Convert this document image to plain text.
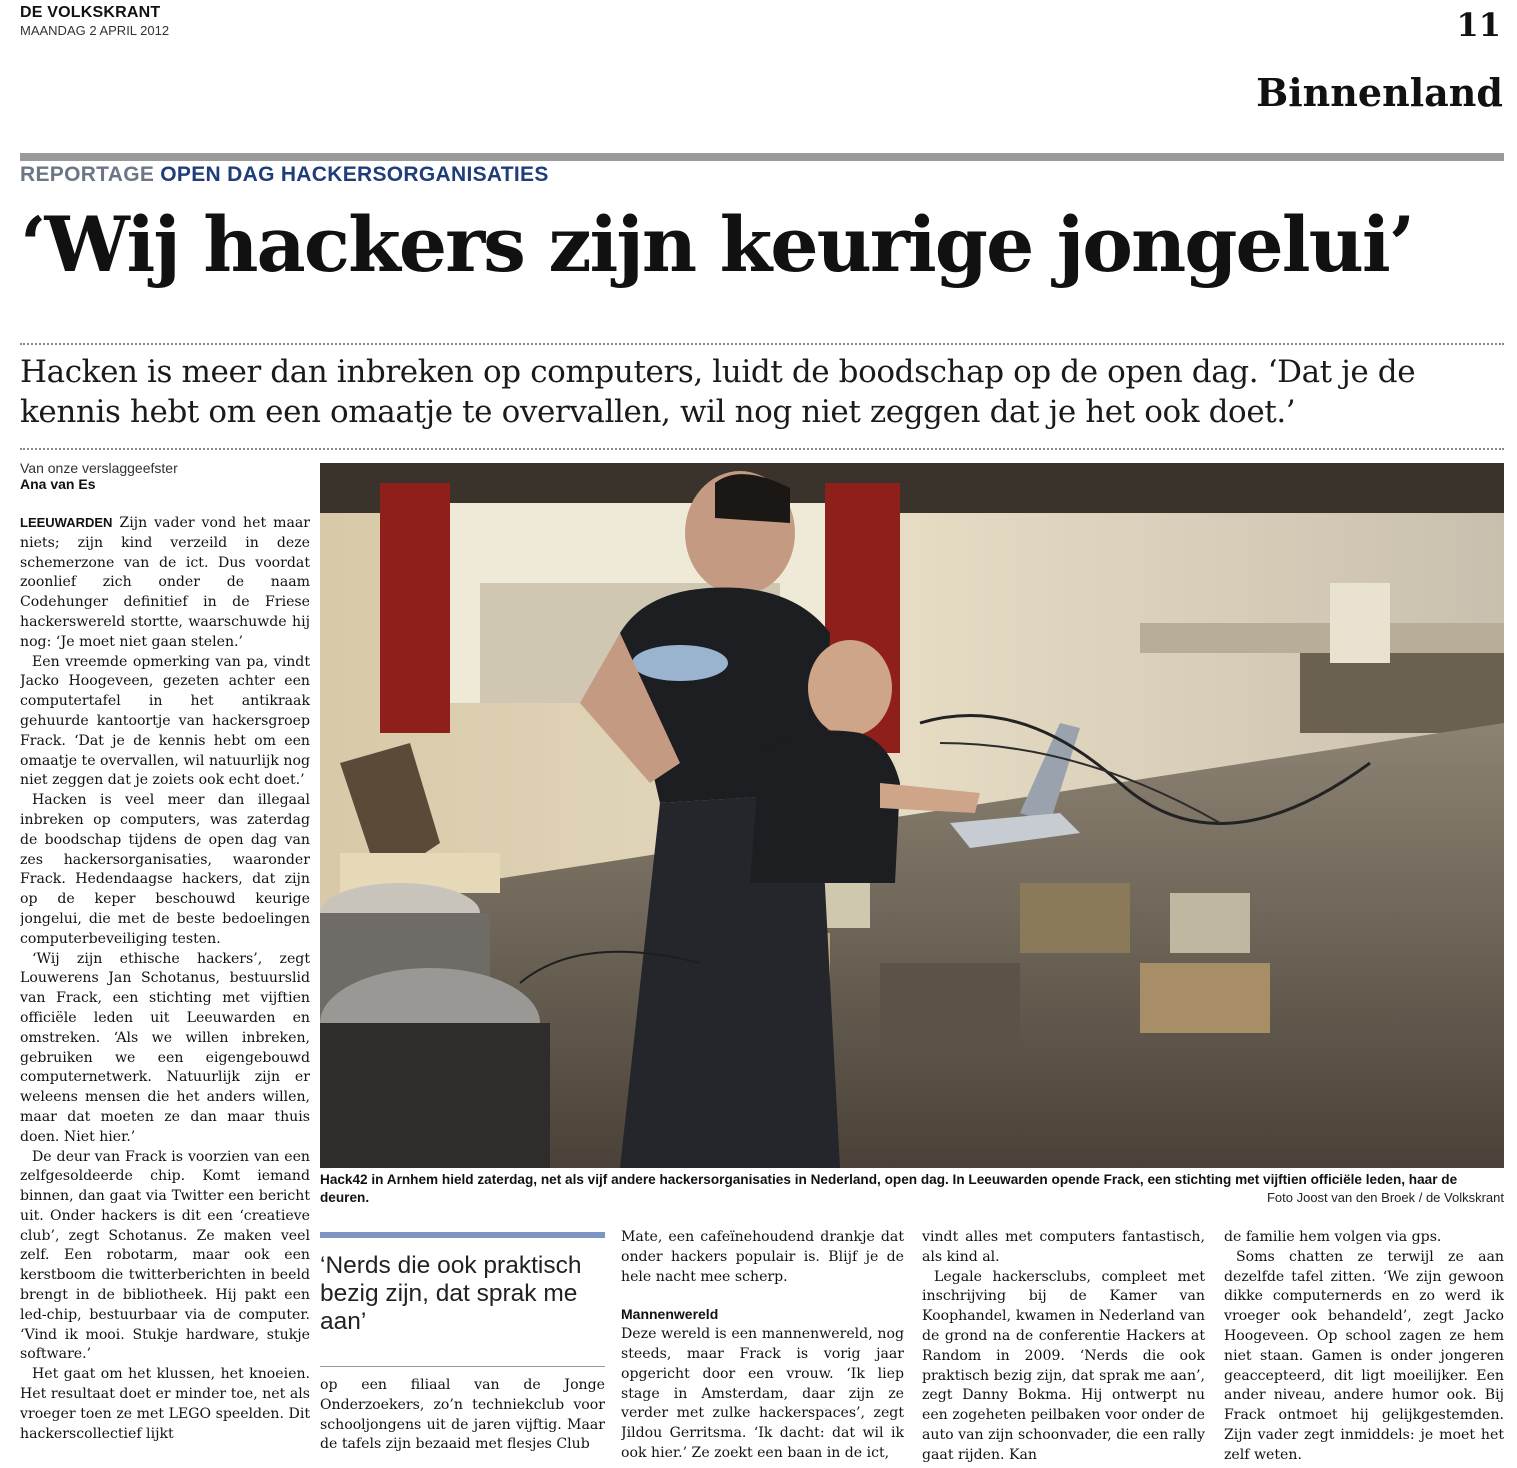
DE VOLKSKRANT
MAANDAG 2 APRIL 2012	11
Binnenland
REPORTAGE OPEN DAG HACKERSORGANISATIES
‘Wij hackers zijn keurige jongelui’
Hacken is meer dan inbreken op computers, luidt de boodschap op de open dag. ‘Dat je de kennis hebt om een omaatje te overvallen, wil nog niet zeggen dat je het ook doet.’
Van onze verslaggeefster
Ana van Es

LEEUWARDEN Zijn vader vond het maar niets; zijn kind verzeild in deze schemerzone van de ict. Dus voordat zoonlief zich onder de naam Codehunger definitief in de Friese hackerswereld stortte, waarschuwde hij nog: ‘Je moet niet gaan stelen.’

Een vreemde opmerking van pa, vindt Jacko Hoogeveen, gezeten achter een computertafel in het antikraak gehuurde kantoortje van hackersgroep Frack. ‘Dat je de kennis hebt om een omaatje te overvallen, wil natuurlijk nog niet zeggen dat je zoiets ook echt doet.’

Hacken is veel meer dan illegaal inbreken op computers, was zaterdag de boodschap tijdens de open dag van zes hackersorganisaties, waaronder Frack. Hedendaagse hackers, dat zijn op de keper beschouwd keurige jongelui, die met de beste bedoelingen computerbeveiliging testen.

‘Wij zijn ethische hackers’, zegt Louwerens Jan Schotanus, bestuurslid van Frack, een stichting met vijftien officiële leden uit Leeuwarden en omstreken. ‘Als we willen inbreken, gebruiken we een eigengebouwd computernetwerk. Natuurlijk zijn er weleens mensen die het anders willen, maar dat moeten ze dan maar thuis doen. Niet hier.’

De deur van Frack is voorzien van een zelfgesoldeerde chip. Komt iemand binnen, dan gaat via Twitter een bericht uit. Onder hackers is dit een ‘creatieve club’, zegt Schotanus. Ze maken veel zelf. Een robotarm, maar ook een kerstboom die twitterberichten in beeld brengt in de bibliotheek. Hij pakt een led-chip, bestuurbaar via de computer. ‘Vind ik mooi. Stukje hardware, stukje software.’

Het gaat om het klussen, het knoeien. Het resultaat doet er minder toe, net als vroeger toen ze met LEGO speelden. Dit hackerscollectief lijkt

Hack42 in Arnhem hield zaterdag, net als vijf andere hackersorganisaties in Nederland, open dag. In Leeuwarden opende Frack, een stichting met vijftien officiële leden, haar de deuren.	Foto Joost van den Broek / de Volkskrant
‘Nerds die ook praktisch bezig zijn, dat sprak me aan’

op een filiaal van de Jonge Onderzoekers, zo’n techniekclub voor schooljongens uit de jaren vijftig. Maar de tafels zijn bezaaid met flesjes Club

Mate, een cafeïnehoudend drankje dat onder hackers populair is. Blijf je de hele nacht mee scherp.

Mannenwereld

Deze wereld is een mannenwereld, nog steeds, maar Frack is vorig jaar opgericht door een vrouw. ‘Ik liep stage in Amsterdam, daar zijn ze verder met zulke hackerspaces’, zegt Jildou Gerritsma. ‘Ik dacht: dat wil ik ook hier.’ Ze zoekt een baan in de ict,

vindt alles met computers fantastisch, als kind al.

Legale hackersclubs, compleet met inschrijving bij de Kamer van Koophandel, kwamen in Nederland van de grond na de conferentie Hackers at Random in 2009. ‘Nerds die ook praktisch bezig zijn, dat sprak me aan’, zegt Danny Bokma. Hij ontwerpt nu een zogeheten peilbaken voor onder de auto van zijn schoonvader, die een rally gaat rijden. Kan

de familie hem volgen via gps.

Soms chatten ze terwijl ze aan dezelfde tafel zitten. ‘We zijn gewoon dikke computernerds en zo werd ik vroeger ook behandeld’, zegt Jacko Hoogeveen. Op school zagen ze hem niet staan. Gamen is onder jongeren geaccepteerd, dit ligt moeilijker. Een ander niveau, andere humor ook. Bij Frack ontmoet hij gelijkgestemden. Zijn vader zegt inmiddels: je moet het zelf weten.
